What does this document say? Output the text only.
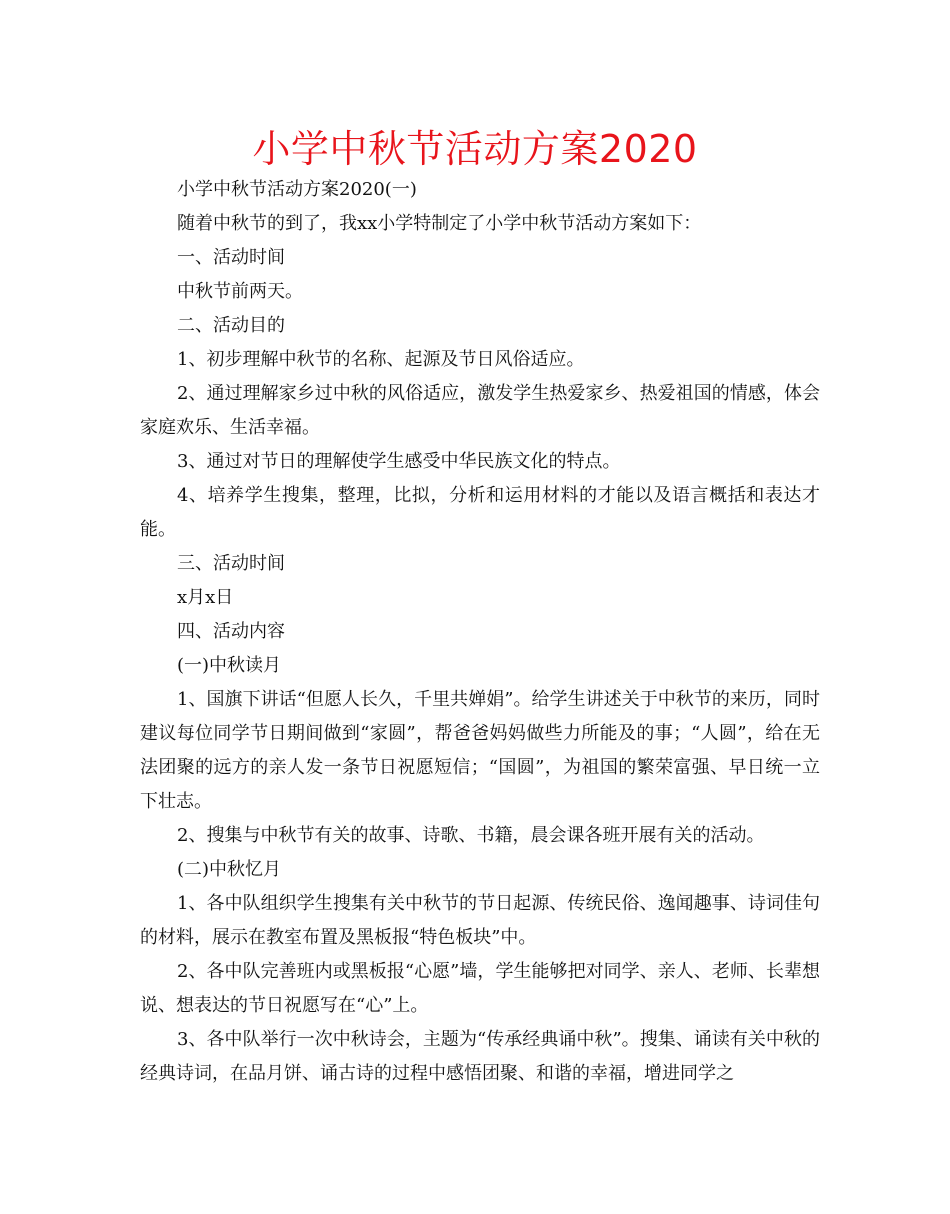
小学中秋节活动方案2020

小学中秋节活动方案2020(一)

随着中秋节的到了，我xx小学特制定了小学中秋节活动方案如下：

一、活动时间

中秋节前两天。

二、活动目的

1、初步理解中秋节的名称、起源及节日风俗适应。

2、通过理解家乡过中秋的风俗适应，激发学生热爱家乡、热爱祖国的情感，体会家庭欢乐、生活幸福。

3、通过对节日的理解使学生感受中华民族文化的特点。

4、培养学生搜集，整理，比拟，分析和运用材料的才能以及语言概括和表达才能。

三、活动时间

x月x日

四、活动内容

(一)中秋读月

1、国旗下讲话“但愿人长久，千里共婵娟”。给学生讲述关于中秋节的来历，同时建议每位同学节日期间做到“家圆”，帮爸爸妈妈做些力所能及的事；“人圆”，给在无法团聚的远方的亲人发一条节日祝愿短信；“国圆”，为祖国的繁荣富强、早日统一立下壮志。

2、搜集与中秋节有关的故事、诗歌、书籍，晨会课各班开展有关的活动。

(二)中秋忆月

1、各中队组织学生搜集有关中秋节的节日起源、传统民俗、逸闻趣事、诗词佳句的材料，展示在教室布置及黑板报“特色板块”中。

2、各中队完善班内或黑板报“心愿”墙，学生能够把对同学、亲人、老师、长辈想说、想表达的节日祝愿写在“心”上。

3、各中队举行一次中秋诗会，主题为“传承经典诵中秋”。搜集、诵读有关中秋的经典诗词，在品月饼、诵古诗的过程中感悟团聚、和谐的幸福，增进同学之
